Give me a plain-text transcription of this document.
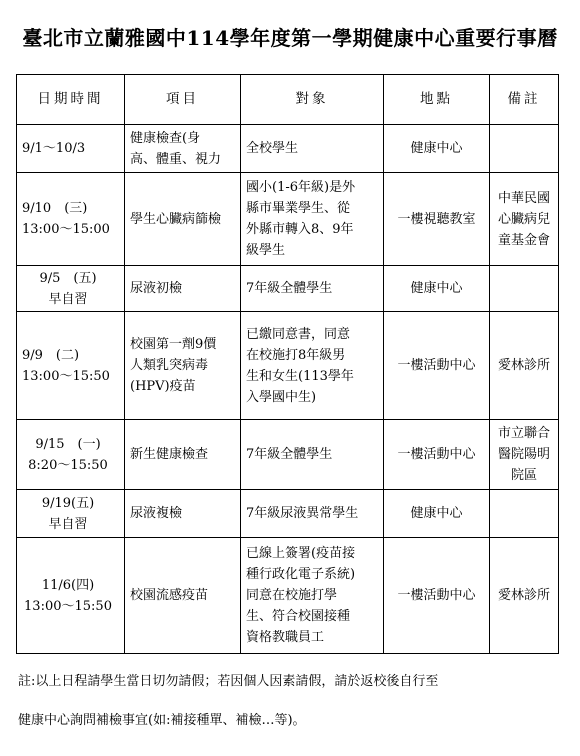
臺北市立蘭雅國中114學年度第一學期健康中心重要行事曆
日期時間	項目	對象	地點	備註

9/1～10/3	健康檢查(身
高、體重、視力	全校學生	健康中心	

9/10　(三)
13:00～15:00	學生心臟病篩檢	國小(1-6年級)是外
縣市畢業學生、從
外縣市轉入8、9年
級學生	一樓視聽教室	中華民國
心臟病兒
童基金會

9/5　(五)
早自習	尿液初檢	7年級全體學生	健康中心	

9/9　(二)
13:00～15:50	校園第一劑9價
人類乳突病毒
(HPV)疫苗	已繳同意書，同意
在校施打8年級男
生和女生(113學年
入學國中生)	一樓活動中心	愛林診所

9/15　(一)
8:20～15:50	新生健康檢查	7年級全體學生	一樓活動中心	市立聯合
醫院陽明
院區

9/19(五)
早自習	尿液複檢	7年級尿液異常學生	健康中心	

11/6(四)
13:00～15:50	校園流感疫苗	已線上簽署(疫苗接
種行政化電子系統)
同意在校施打學
生、符合校園接種
資格教職員工	一樓活動中心	愛林診所
註:以上日程請學生當日切勿請假；若因個人因素請假，請於返校後自行至
健康中心詢問補檢事宜(如:補接種單、補檢…等)。
